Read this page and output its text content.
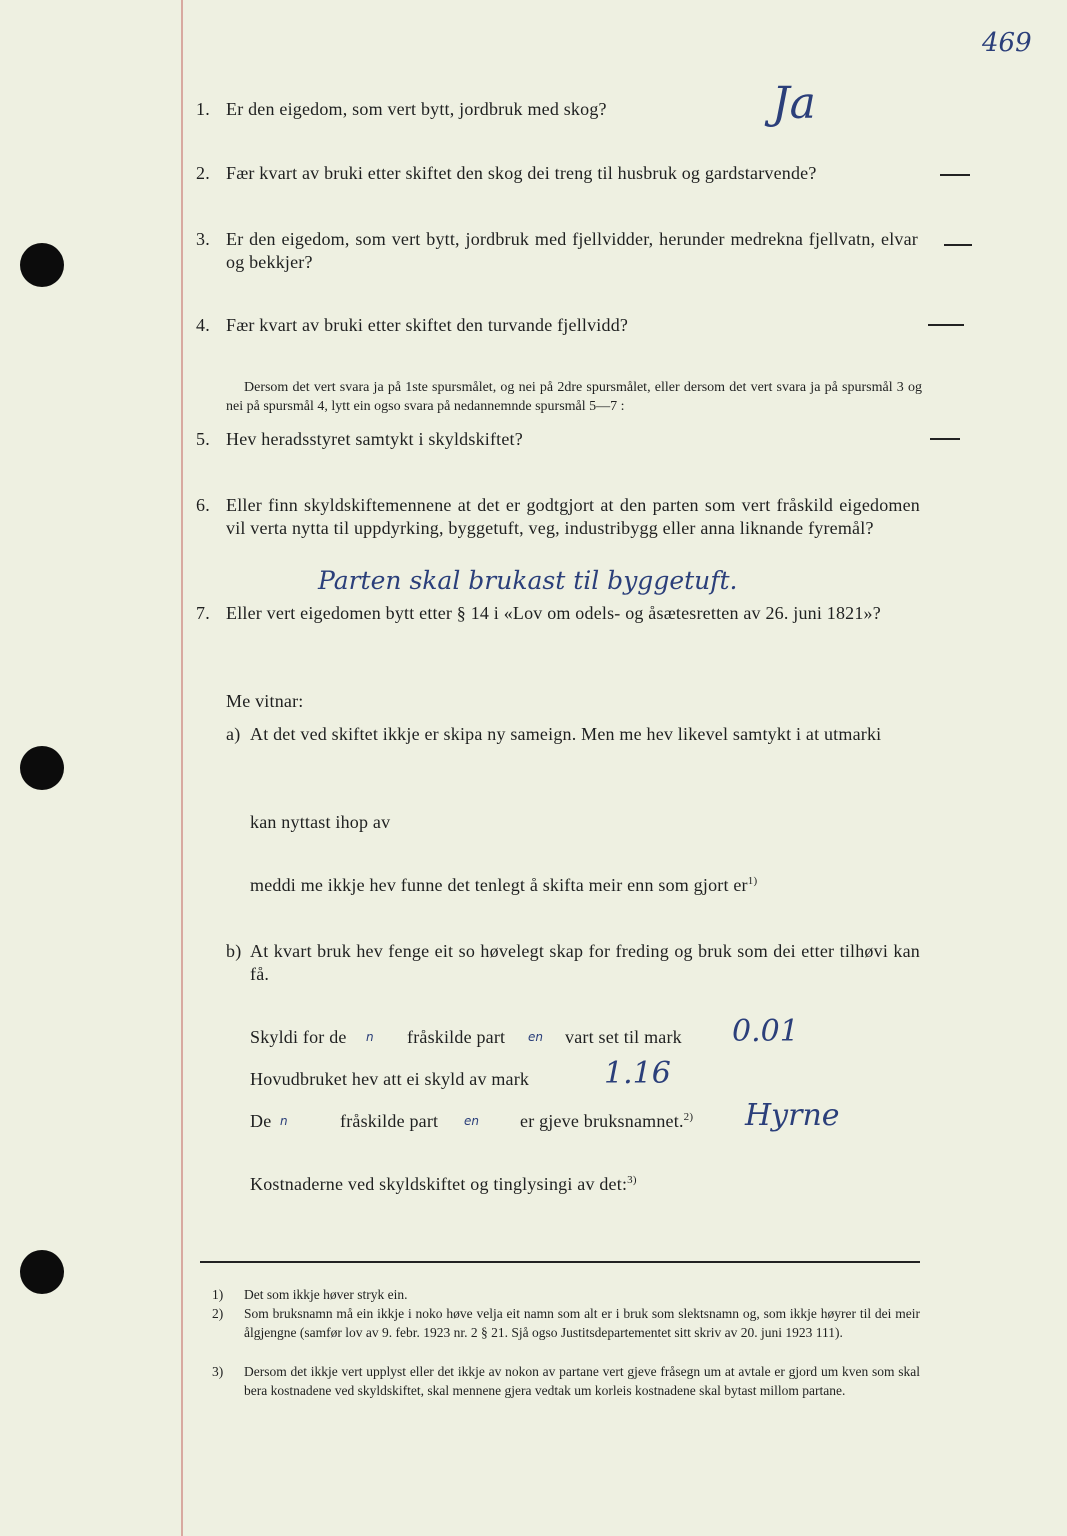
469
1. Er den eigedom, som vert bytt, jordbruk med skog?	Ja
2. Fær kvart av bruki etter skiftet den skog dei treng til husbruk og gardstarvende?
3. Er den eigedom, som vert bytt, jordbruk med fjellvidder, herunder medrekna fjellvatn, elvar og bekkjer?
4. Fær kvart av bruki etter skiftet den turvande fjellvidd?
Dersom det vert svara ja på 1ste spursmålet, og nei på 2dre spursmålet, eller dersom det vert svara ja på spursmål 3 og nei på spursmål 4, lytt ein ogso svara på nedannemnde spursmål 5—7 :
5. Hev heradsstyret samtykt i skyldskiftet?
6. Eller finn skyldskiftemennene at det er godtgjort at den parten som vert fråskild eigedomen vil verta nytta til uppdyrking, byggetuft, veg, industribygg eller anna liknande fyremål?
Parten skal brukast til byggetuft.
7. Eller vert eigedomen bytt etter § 14 i «Lov om odels- og åsætesretten av 26. juni 1821»?
Me vitnar:
a) At det ved skiftet ikkje er skipa ny sameign. Men me hev likevel samtykt i at utmarki
kan nyttast ihop av
meddi me ikkje hev funne det tenlegt å skifta meir enn som gjort $er^{1)}$
b) At kvart bruk hev fenge eit so høvelegt skap for freding og bruk som dei etter tilhøvi kan få.
Skyldi for de n fråskilde part en vart set til mark 0.01
Hovudbruket hev att ei skyld av mark 1.16
De n	fråskilde part en er gjeve bruksnamnet.$^{2)}$ Hyrne
Kostnaderne ved skyldskiftet og tinglysingi av det:$^{3)}$
1)	Det som ikkje høver stryk ein.
2)	Som bruksnamn må ein ikkje i noko høve velja eit namn som alt er i bruk som slektsnamn og, som ikkje høyrer til dei meir ålgjengne (samfør lov av 9. febr. 1923 nr. 2 § 21. Sjå ogso Justitsdepartementet sitt skriv av 20. juni 1923 111).
3)	Dersom det ikkje vert upplyst eller det ikkje av nokon av partane vert gjeve fråsegn um at avtale er gjord um kven som skal bera kostnadene ved skyldskiftet, skal mennene gjera vedtak um korleis kostnadene skal bytast millom partane.
